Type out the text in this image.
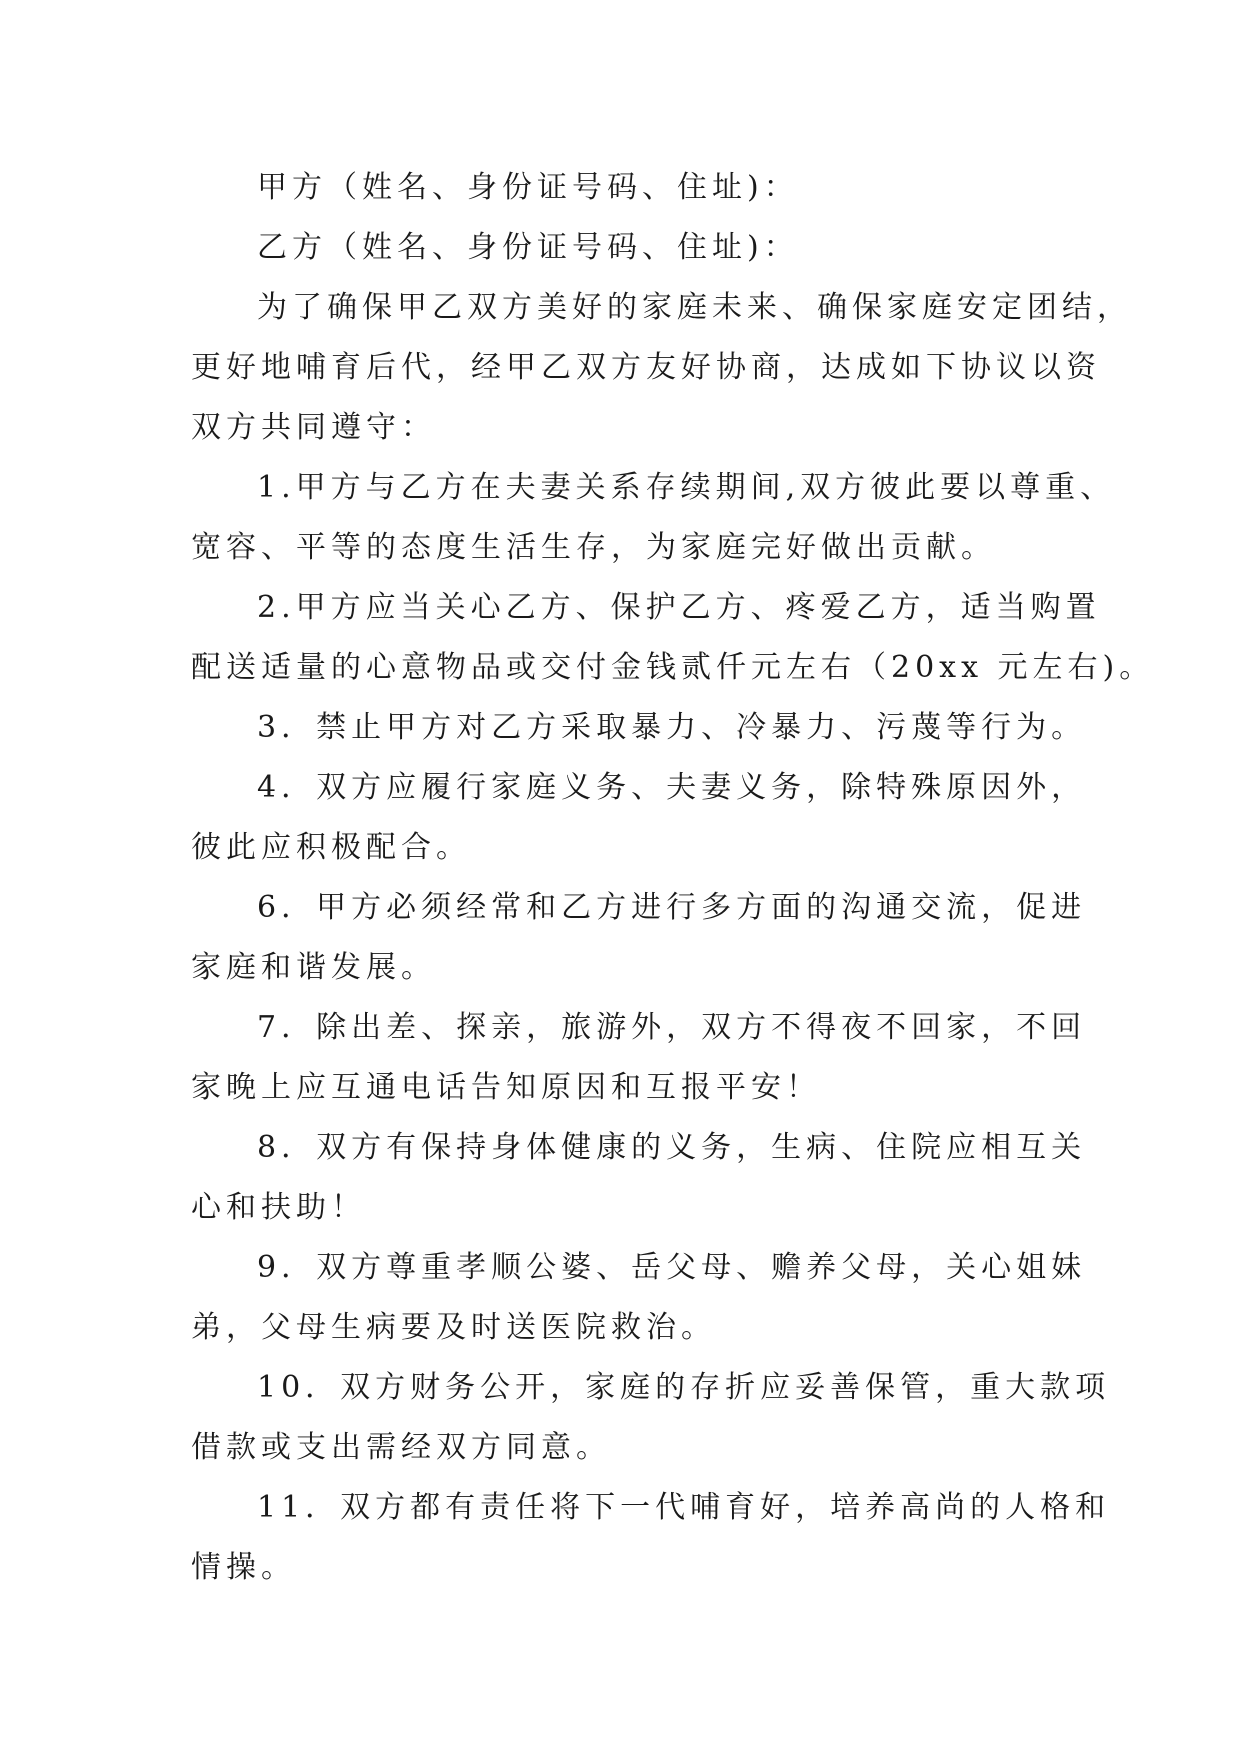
甲方（姓名、身份证号码、住址)：
乙方（姓名、身份证号码、住址)：
为了确保甲乙双方美好的家庭未来、确保家庭安定团结，
更好地哺育后代，经甲乙双方友好协商，达成如下协议以资
双方共同遵守：
1.甲方与乙方在夫妻关系存续期间,双方彼此要以尊重、
宽容、平等的态度生活生存，为家庭完好做出贡献。
2.甲方应当关心乙方、保护乙方、疼爱乙方，适当购置
配送适量的心意物品或交付金钱贰仟元左右（20xx 元左右)。
3．禁止甲方对乙方采取暴力、冷暴力、污蔑等行为。
4．双方应履行家庭义务、夫妻义务，除特殊原因外，
彼此应积极配合。
6．甲方必须经常和乙方进行多方面的沟通交流，促进
家庭和谐发展。
7．除出差、探亲，旅游外，双方不得夜不回家，不回
家晚上应互通电话告知原因和互报平安！
8．双方有保持身体健康的义务，生病、住院应相互关
心和扶助！
9．双方尊重孝顺公婆、岳父母、赡养父母，关心姐妹
弟，父母生病要及时送医院救治。
10．双方财务公开，家庭的存折应妥善保管，重大款项
借款或支出需经双方同意。
11．双方都有责任将下一代哺育好，培养高尚的人格和
情操。
